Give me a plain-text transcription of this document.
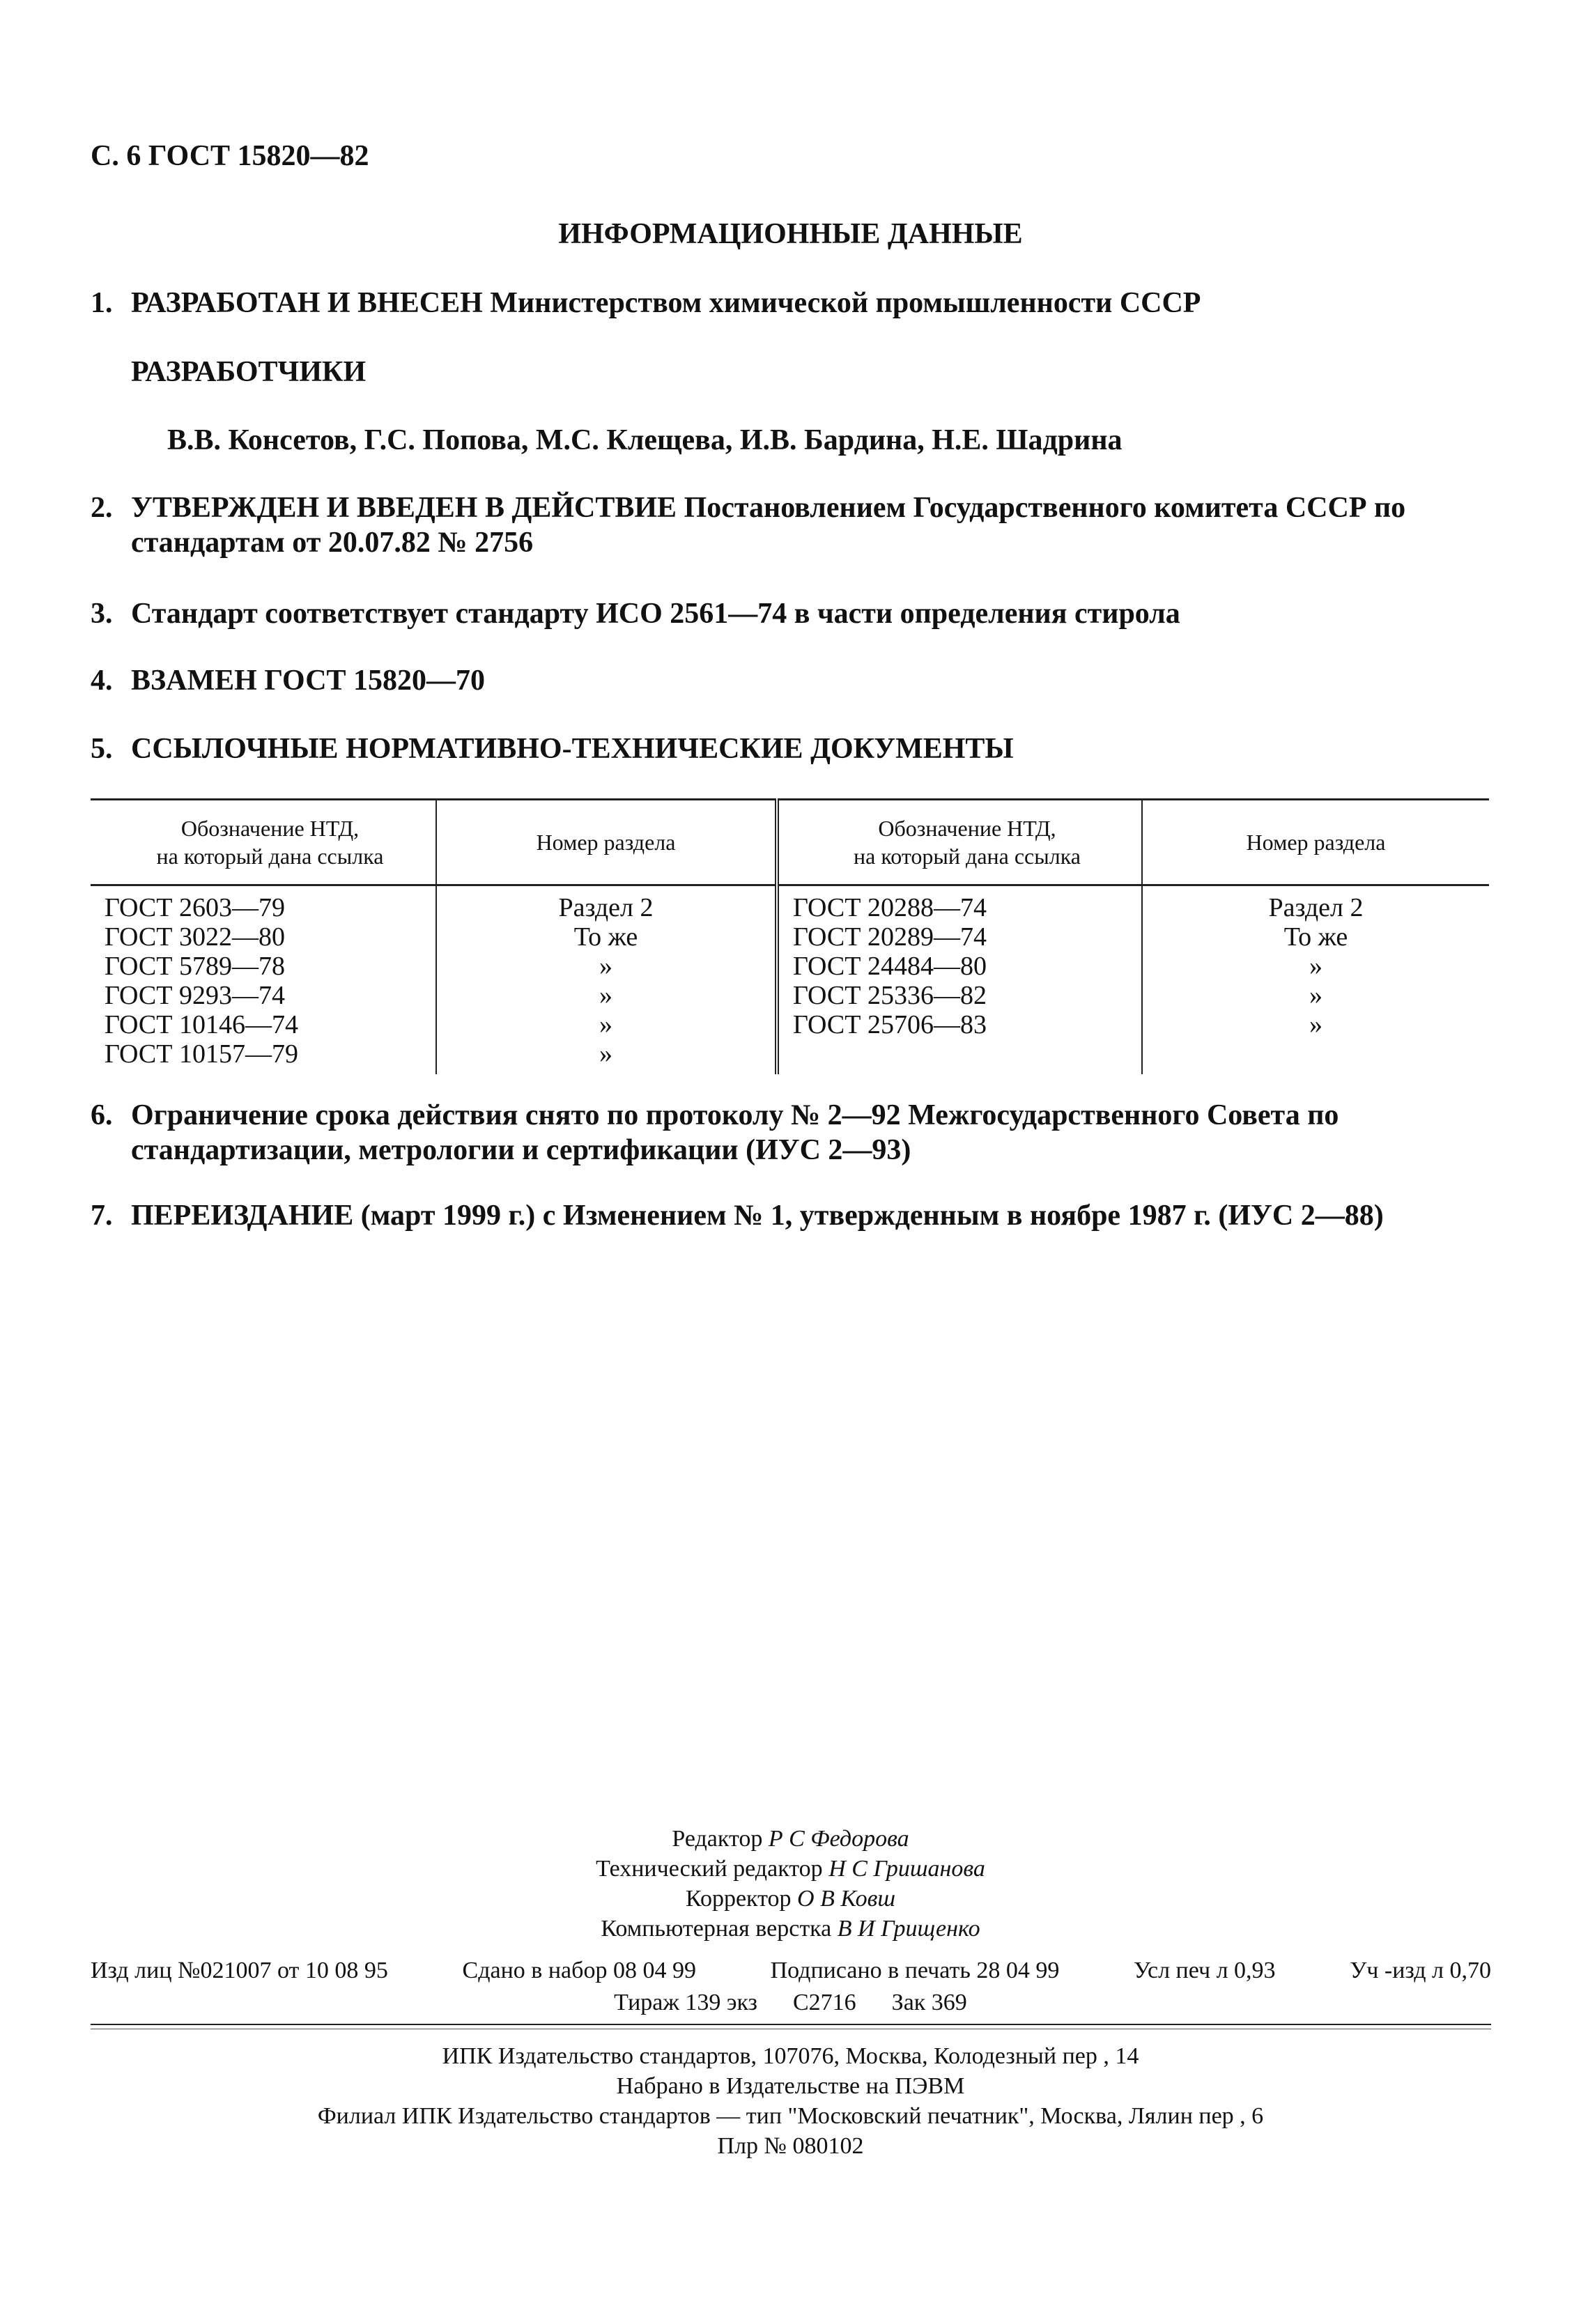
С. 6 ГОСТ 15820—82
ИНФОРМАЦИОННЫЕ ДАННЫЕ
1. РАЗРАБОТАН И ВНЕСЕН Министерством химической промышленности СССР
РАЗРАБОТЧИКИ
В.В. Консетов, Г.С. Попова, М.С. Клещева, И.В. Бардина, Н.Е. Шадрина
2. УТВЕРЖДЕН И ВВЕДЕН В ДЕЙСТВИЕ Постановлением Государственного комитета СССР по стандартам от 20.07.82 № 2756
3. Стандарт соответствует стандарту ИСО 2561—74 в части определения стирола
4. ВЗАМЕН ГОСТ 15820—70
5. ССЫЛОЧНЫЕ НОРМАТИВНО-ТЕХНИЧЕСКИЕ ДОКУМЕНТЫ
Обозначение НТД,
на который дана ссылка	Номер раздела	Обозначение НТД,
на который дана ссылка	Номер раздела
ГОСТ 2603—79	Раздел 2	ГОСТ 20288—74	Раздел 2
ГОСТ 3022—80	То же	ГОСТ 20289—74	То же
ГОСТ 5789—78	»	ГОСТ 24484—80	»
ГОСТ 9293—74	»	ГОСТ 25336—82	»
ГОСТ 10146—74	»	ГОСТ 25706—83	»
ГОСТ 10157—79	»		
6. Ограничение срока действия снято по протоколу № 2—92 Межгосударственного Совета по стандартизации, метрологии и сертификации (ИУС 2—93)
7. ПЕРЕИЗДАНИЕ (март 1999 г.) с Изменением № 1, утвержденным в ноябре 1987 г. (ИУС 2—88)
Редактор Р С Федорова
Технический редактор Н С Гришанова
Корректор О В Ковш
Компьютерная верстка В И Грищенко
Изд лиц №021007 от 10 08 95	Сдано в набор 08 04 99	Подписано в печать 28 04 99	Усл печ л 0,93	Уч -изд л 0,70
Тираж 139 экз С2716 Зак 369
ИПК Издательство стандартов, 107076, Москва, Колодезный пер , 14
Набрано в Издательстве на ПЭВМ
Филиал ИПК Издательство стандартов — тип "Московский печатник", Москва, Лялин пер , 6
Плр № 080102
